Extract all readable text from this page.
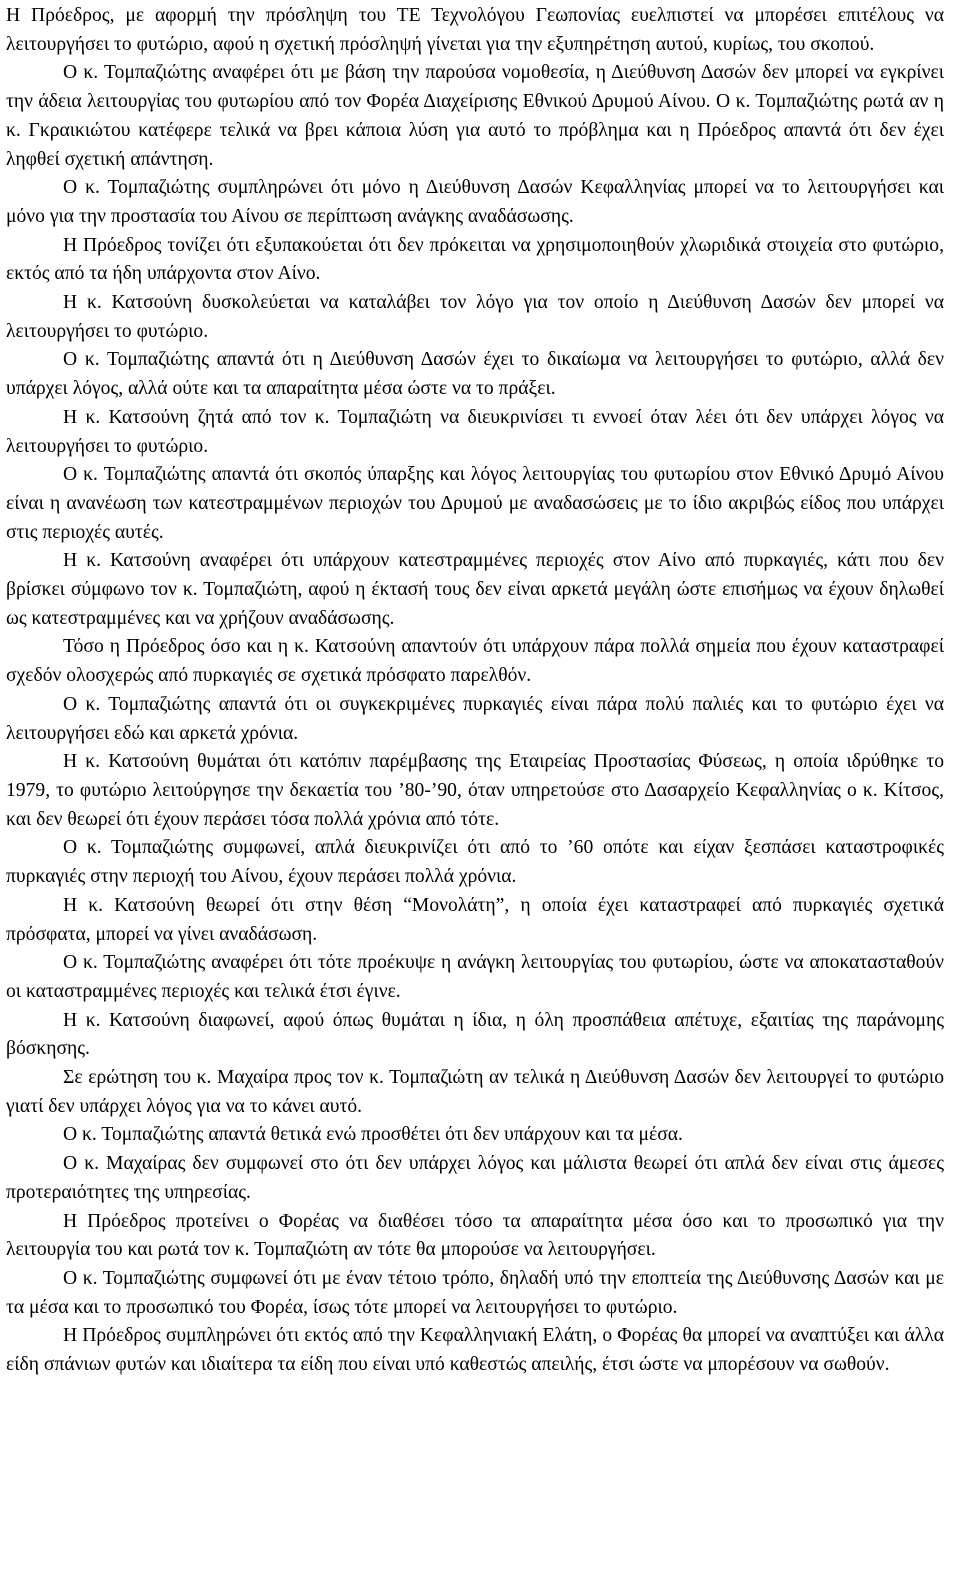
Η Πρόεδρος, με αφορμή την πρόσληψη του ΤΕ Τεχνολόγου Γεωπονίας ευελπιστεί να μπορέσει επιτέλους να λειτουργήσει το φυτώριο, αφού η σχετική πρόσληψή γίνεται για την εξυπηρέτηση αυτού, κυρίως, του σκοπού.

Ο κ. Τομπαζιώτης αναφέρει ότι με βάση την παρούσα νομοθεσία, η Διεύθυνση Δασών δεν μπορεί να εγκρίνει την άδεια λειτουργίας του φυτωρίου από τον Φορέα Διαχείρισης Εθνικού Δρυμού Αίνου. Ο κ. Τομπαζιώτης ρωτά αν η κ. Γκραικιώτου κατέφερε τελικά να βρει κάποια λύση για αυτό το πρόβλημα και η Πρόεδρος απαντά ότι δεν έχει ληφθεί σχετική απάντηση.

Ο κ. Τομπαζιώτης συμπληρώνει ότι μόνο η Διεύθυνση Δασών Κεφαλληνίας μπορεί να το λειτουργήσει και μόνο για την προστασία του Αίνου σε περίπτωση ανάγκης αναδάσωσης.

Η Πρόεδρος τονίζει ότι εξυπακούεται ότι δεν πρόκειται να χρησιμοποιηθούν χλωριδικά στοιχεία στο φυτώριο, εκτός από τα ήδη υπάρχοντα στον Αίνο.

Η κ. Κατσούνη δυσκολεύεται να καταλάβει τον λόγο για τον οποίο η Διεύθυνση Δασών δεν μπορεί να λειτουργήσει το φυτώριο.

Ο κ. Τομπαζιώτης απαντά ότι η Διεύθυνση Δασών έχει το δικαίωμα να λειτουργήσει το φυτώριο, αλλά δεν υπάρχει λόγος, αλλά ούτε και τα απαραίτητα μέσα ώστε να το πράξει.

Η κ. Κατσούνη ζητά από τον κ. Τομπαζιώτη να διευκρινίσει τι εννοεί όταν λέει ότι δεν υπάρχει λόγος να λειτουργήσει το φυτώριο.

Ο κ. Τομπαζιώτης απαντά ότι σκοπός ύπαρξης και λόγος λειτουργίας του φυτωρίου στον Εθνικό Δρυμό Αίνου είναι η ανανέωση των κατεστραμμένων περιοχών του Δρυμού με αναδασώσεις με το ίδιο ακριβώς είδος που υπάρχει στις περιοχές αυτές.

Η κ. Κατσούνη αναφέρει ότι υπάρχουν κατεστραμμένες περιοχές στον Αίνο από πυρκαγιές, κάτι που δεν βρίσκει σύμφωνο τον κ. Τομπαζιώτη, αφού η έκτασή τους δεν είναι αρκετά μεγάλη ώστε επισήμως να έχουν δηλωθεί ως κατεστραμμένες και να χρήζουν αναδάσωσης.

Τόσο η Πρόεδρος όσο και η κ. Κατσούνη απαντούν ότι υπάρχουν πάρα πολλά σημεία που έχουν καταστραφεί σχεδόν ολοσχερώς από πυρκαγιές σε σχετικά πρόσφατο παρελθόν.

Ο κ. Τομπαζιώτης απαντά ότι οι συγκεκριμένες πυρκαγιές είναι πάρα πολύ παλιές και το φυτώριο έχει να λειτουργήσει εδώ και αρκετά χρόνια.

Η κ. Κατσούνη θυμάται ότι κατόπιν παρέμβασης της Εταιρείας Προστασίας Φύσεως, η οποία ιδρύθηκε το 1979, το φυτώριο λειτούργησε την δεκαετία του ’80-’90, όταν υπηρετούσε στο Δασαρχείο Κεφαλληνίας ο κ. Κίτσος, και δεν θεωρεί ότι έχουν περάσει τόσα πολλά χρόνια από τότε.

Ο κ. Τομπαζιώτης συμφωνεί, απλά διευκρινίζει ότι από το ’60 οπότε και είχαν ξεσπάσει καταστροφικές πυρκαγιές στην περιοχή του Αίνου, έχουν περάσει πολλά χρόνια.

Η κ. Κατσούνη θεωρεί ότι στην θέση “Μονολάτη”, η οποία έχει καταστραφεί από πυρκαγιές σχετικά πρόσφατα, μπορεί να γίνει αναδάσωση.

Ο κ. Τομπαζιώτης αναφέρει ότι τότε προέκυψε η ανάγκη λειτουργίας του φυτωρίου, ώστε να αποκατασταθούν οι καταστραμμένες περιοχές και τελικά έτσι έγινε.

Η κ. Κατσούνη διαφωνεί, αφού όπως θυμάται η ίδια, η όλη προσπάθεια απέτυχε, εξαιτίας της παράνομης βόσκησης.

Σε ερώτηση του κ. Μαχαίρα προς τον κ. Τομπαζιώτη αν τελικά η Διεύθυνση Δασών δεν λειτουργεί το φυτώριο γιατί δεν υπάρχει λόγος για να το κάνει αυτό.

Ο κ. Τομπαζιώτης απαντά θετικά ενώ προσθέτει ότι δεν υπάρχουν και τα μέσα.

Ο κ. Μαχαίρας δεν συμφωνεί στο ότι δεν υπάρχει λόγος και μάλιστα θεωρεί ότι απλά δεν είναι στις άμεσες προτεραιότητες της υπηρεσίας.

Η Πρόεδρος προτείνει ο Φορέας να διαθέσει τόσο τα απαραίτητα μέσα όσο και το προσωπικό για την λειτουργία του και ρωτά τον κ. Τομπαζιώτη αν τότε θα μπορούσε να λειτουργήσει.

Ο κ. Τομπαζιώτης συμφωνεί ότι με έναν τέτοιο τρόπο, δηλαδή υπό την εποπτεία της Διεύθυνσης Δασών και με τα μέσα και το προσωπικό του Φορέα, ίσως τότε μπορεί να λειτουργήσει το φυτώριο.

Η Πρόεδρος συμπληρώνει ότι εκτός από την Κεφαλληνιακή Ελάτη, ο Φορέας θα μπορεί να αναπτύξει και άλλα είδη σπάνιων φυτών και ιδιαίτερα τα είδη που είναι υπό καθεστώς απειλής, έτσι ώστε να μπορέσουν να σωθούν.
